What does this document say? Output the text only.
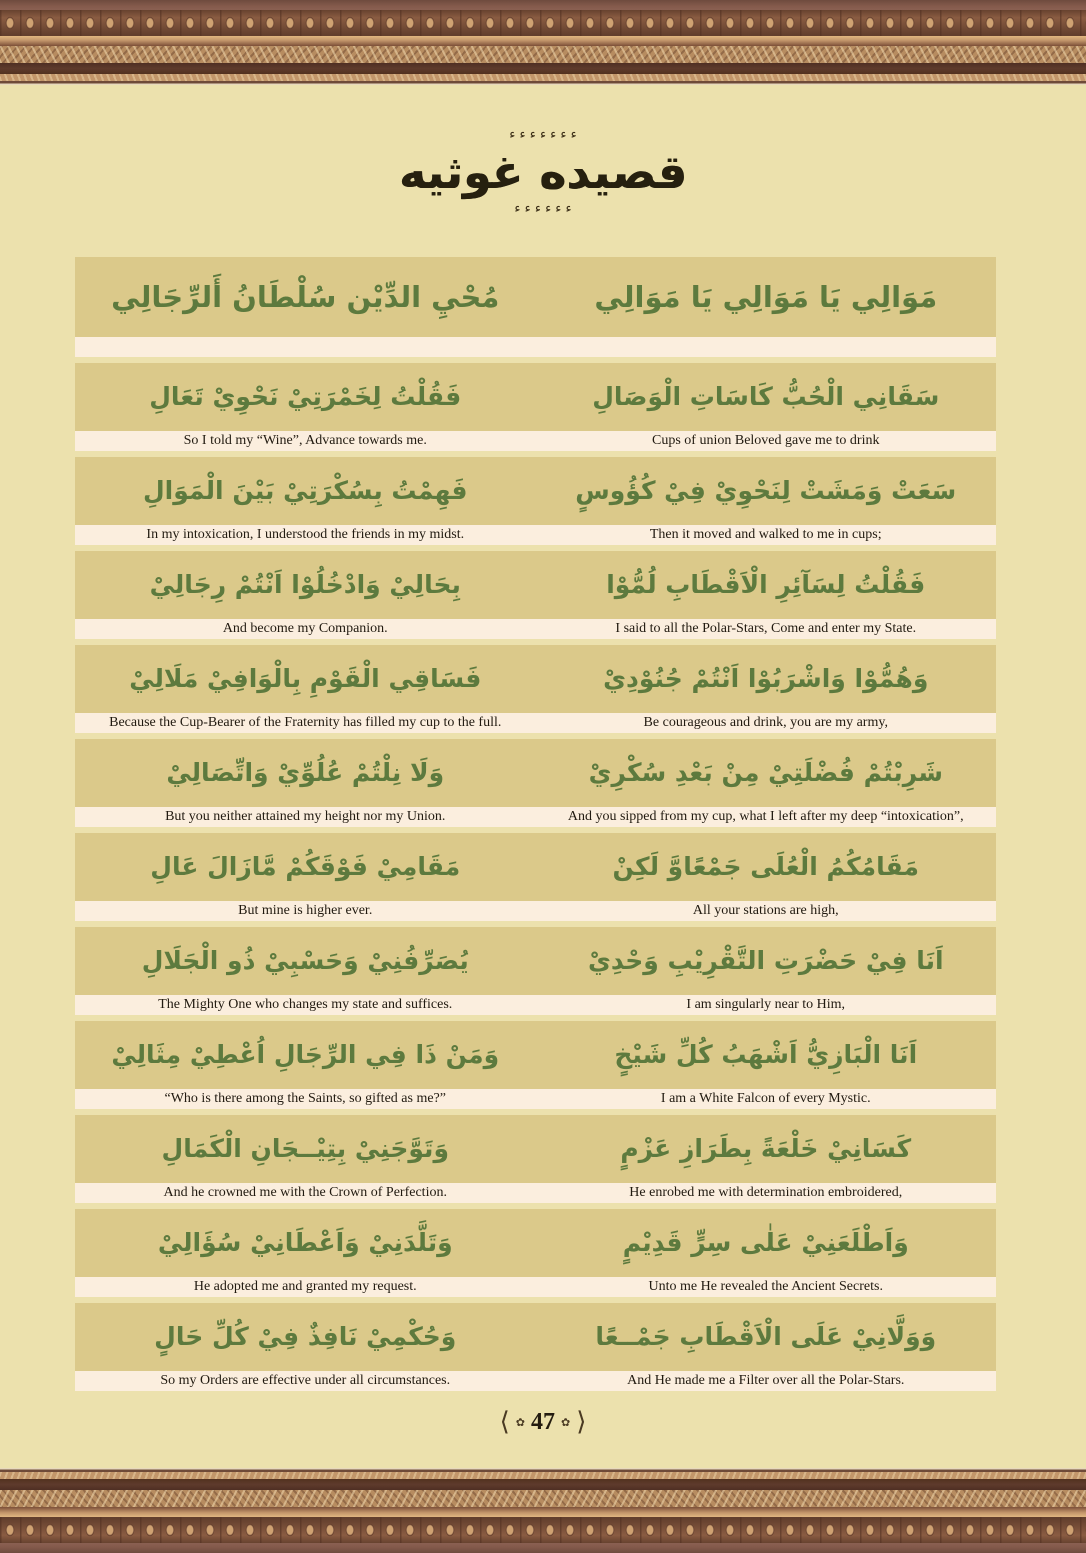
ء ء ء ء ء ء ء
قصيده غوثيه
ء ء ء ء ء ء
مُحْيِ الدِّيْن سُلْطَانُ أَلرِّجَالِي	مَوَالِي يَا مَوَالِي يَا مَوَالِي
فَقُلْتُ لِخَمْرَتِيْ نَحْوِيْ تَعَالِ	سَقَانِي الْحُبُّ كَاسَاتِ الْوَصَالِ
So I told my “Wine”, Advance towards me.	Cups of union Beloved gave me to drink
فَهِمْتُ بِسُكْرَتِيْ بَيْنَ الْمَوَالِ	سَعَتْ وَمَشَتْ لِنَحْوِيْ فِيْ كُؤُوسٍ
In my intoxication, I understood the friends in my midst.	Then it moved and walked to me in cups;
بِحَالِيْ وَادْخُلُوْا اَنْتُمْ رِجَالِيْ	فَقُلْتُ لِسَآئِرِ الْاَقْطَابِ لُمُّوْا
And become my Companion.	I said to all the Polar-Stars, Come and enter my State.
فَسَاقِي الْقَوْمِ بِالْوَافِيْ مَلَالِيْ	وَهُمُّوْا وَاشْرَبُوْا اَنْتُمْ جُنُوْدِيْ
Because the Cup-Bearer of the Fraternity has filled my cup to the full.	Be courageous and drink, you are my army,
وَلَا نِلْتُمْ عُلُوِّيْ وَاتِّصَالِيْ	شَرِبْتُمْ فُضْلَتِيْ مِنْ بَعْدِ سُكْرِيْ
But you neither attained my height nor my Union.	And you sipped from my cup, what I left after my deep “intoxication”,
مَقَامِيْ فَوْقَكُمْ مَّازَالَ عَالِ	مَقَامُكُمُ الْعُلَى جَمْعًاوَّ لَكِنْ
But mine is higher ever.	All your stations are high,
يُصَرِّفُنِيْ وَحَسْبِيْ ذُو الْجَلَالِ	اَنَا فِيْ حَضْرَتِ التَّقْرِيْبِ وَحْدِيْ
The Mighty One who changes my state and suffices.	I am singularly near to Him,
وَمَنْ ذَا فِي الرِّجَالِ اُعْطِيْ مِثَالِيْ	اَنَا الْبَازِيُّ اَشْهَبُ كُلِّ شَيْخٍ
“Who is there among the Saints, so gifted as me?”	I am a White Falcon of every Mystic.
وَتَوَّجَنِيْ بِتِيْــجَانِ الْكَمَالِ	كَسَانِيْ خَلْعَةً بِطَرَازِ عَزْمٍ
And he crowned me with the Crown of Perfection.	He enrobed me with determination embroidered,
وَتَلَّدَنِيْ وَاَعْطَانِيْ سُؤَالِيْ	وَاَطْلَعَنِيْ عَلٰى سِرٍّ قَدِيْمٍ
He adopted me and granted my request.	Unto me He revealed the Ancient Secrets.
وَحُكْمِيْ نَافِذٌ فِيْ كُلِّ حَالٍ	وَوَلَّانِيْ عَلَى الْاَقْطَابِ جَمْــعًا
So my Orders are effective under all circumstances.	And He made me a Filter over all the Polar-Stars.
⟨ ✿ 47 ✿ ⟩
